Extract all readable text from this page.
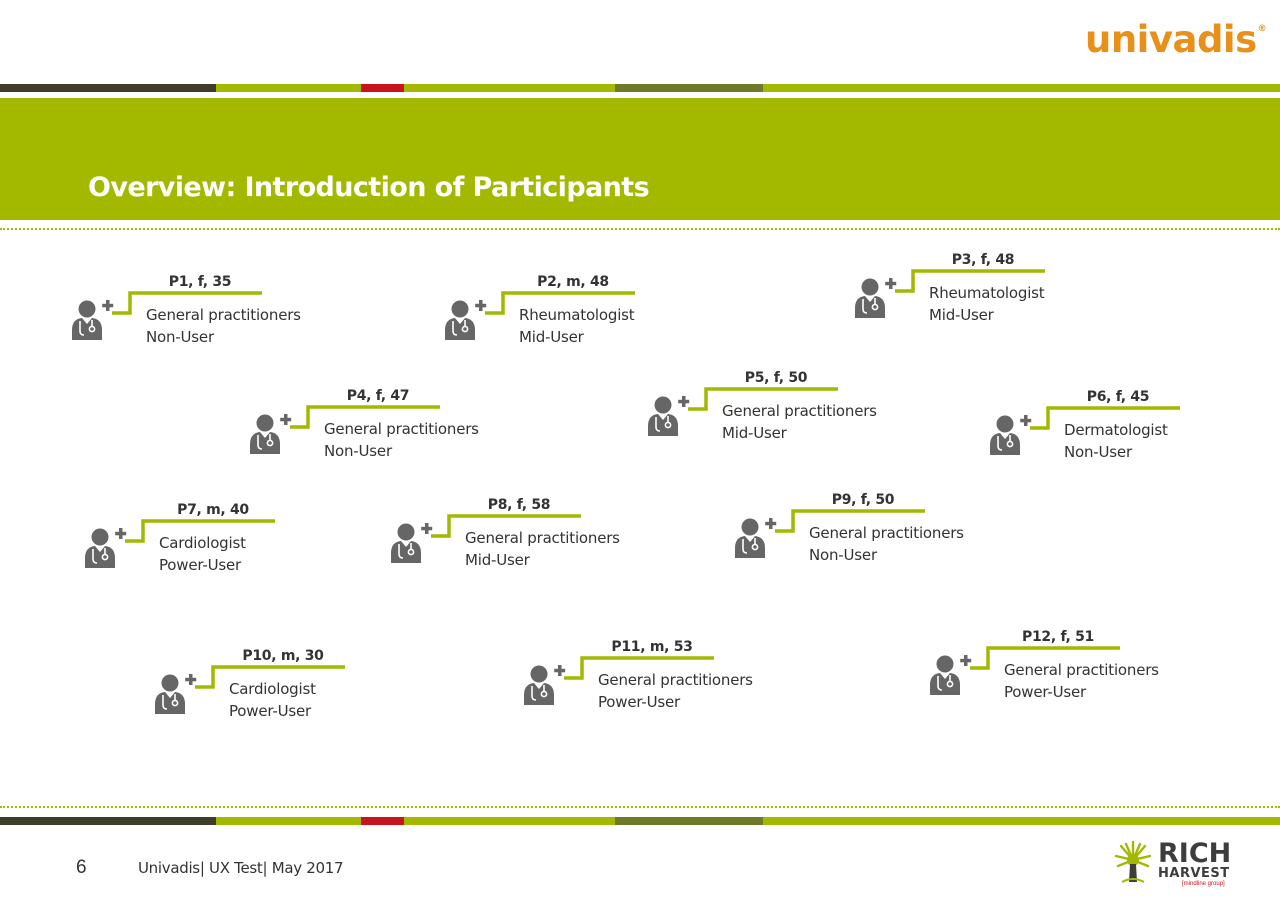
univadis®
Overview: Introduction of Participants
P1, f, 35
General practitioners
Non-User
P2, m, 48
Rheumatologist
Mid-User
P3, f, 48
Rheumatologist
Mid-User
P4, f, 47
General practitioners
Non-User
P5, f, 50
General practitioners
Mid-User
P6, f, 45
Dermatologist
Non-User
P7, m, 40
Cardiologist
Power-User
P8, f, 58
General practitioners
Mid-User
P9, f, 50
General practitioners
Non-User
P10, m, 30
Cardiologist
Power-User
P11, m, 53
General practitioners
Power-User
P12, f, 51
General practitioners
Power-User
6	Univadis| UX Test| May 2017	RICH
HARVEST
[mindline group]
